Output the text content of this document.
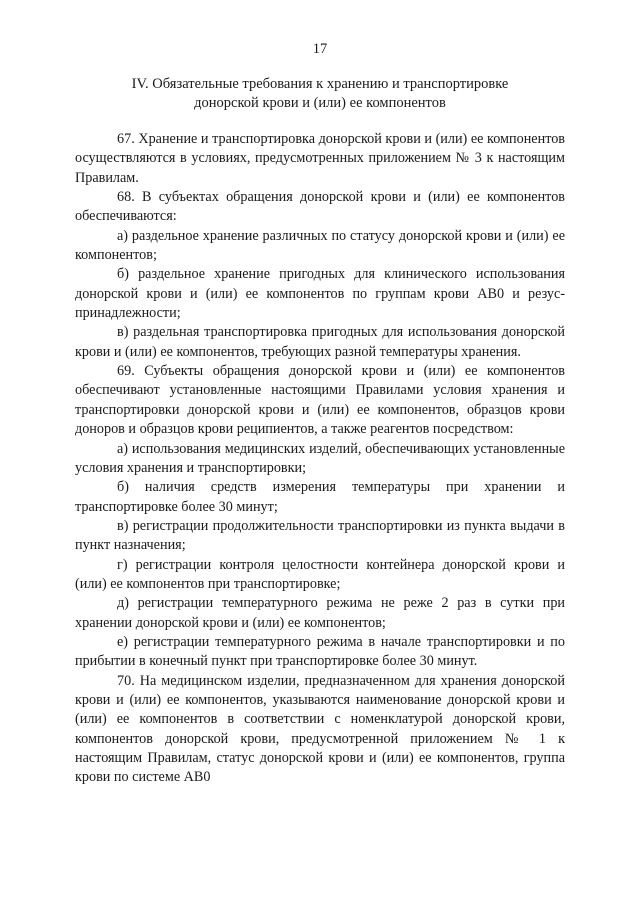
17
IV. Обязательные требования к хранению и транспортировке
донорской крови и (или) ее компонентов

67. Хранение и транспортировка донорской крови и (или) ее компонентов осуществляются в условиях, предусмотренных приложением № 3 к настоящим Правилам.

68. В субъектах обращения донорской крови и (или) ее компонентов обеспечиваются:

а) раздельное хранение различных по статусу донорской крови и (или) ее компонентов;

б) раздельное хранение пригодных для клинического использования донорской крови и (или) ее компонентов по группам крови AB0 и резус-принадлежности;

в) раздельная транспортировка пригодных для использования донорской крови и (или) ее компонентов, требующих разной температуры хранения.

69. Субъекты обращения донорской крови и (или) ее компонентов обеспечивают установленные настоящими Правилами условия хранения и транспортировки донорской крови и (или) ее компонентов, образцов крови доноров и образцов крови реципиентов, а также реагентов посредством:

а) использования медицинских изделий, обеспечивающих установленные условия хранения и транспортировки;

б) наличия средств измерения температуры при хранении и транспортировке более 30 минут;

в) регистрации продолжительности транспортировки из пункта выдачи в пункт назначения;

г) регистрации контроля целостности контейнера донорской крови и (или) ее компонентов при транспортировке;

д) регистрации температурного режима не реже 2 раз в сутки при хранении донорской крови и (или) ее компонентов;

е) регистрации температурного режима в начале транспортировки и по прибытии в конечный пункт при транспортировке более 30 минут.

70. На медицинском изделии, предназначенном для хранения донорской крови и (или) ее компонентов, указываются наименование донорской крови и (или) ее компонентов в соответствии с номенклатурой донорской крови, компонентов донорской крови, предусмотренной приложением № 1 к настоящим Правилам, статус донорской крови и (или) ее компонентов, группа крови по системе AB0
